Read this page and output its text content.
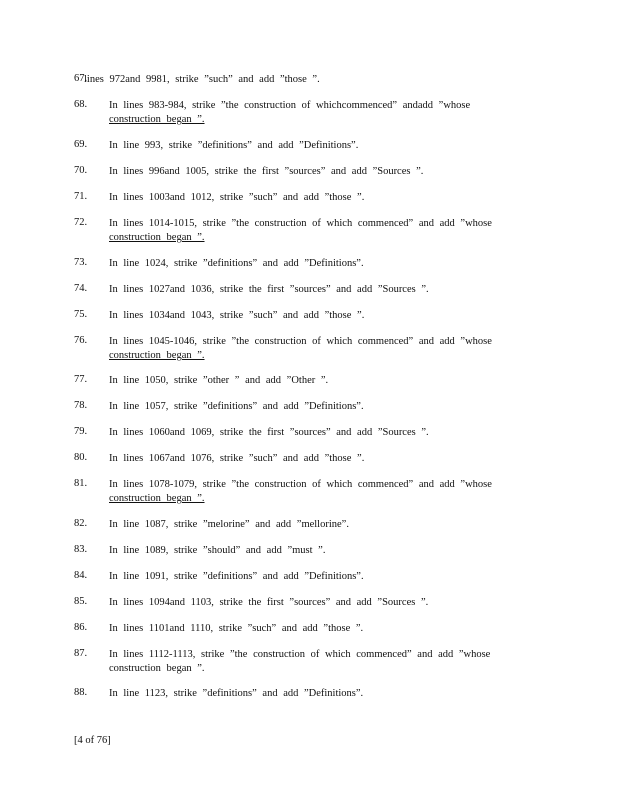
67.
lines 972and 9981, strike ”such” and add ”those ”.
68.	In lines 983-984, strike ”the construction of whichcommenced” andadd ”whose
construction began ”.
69.	In line 993, strike ”definitions” and add ”Definitions”.
70.	In lines 996and 1005, strike the first ”sources” and add ”Sources ”.
71.	In lines 1003and 1012, strike ”such” and add ”those ”.
72.	In lines 1014-1015, strike ”the construction of which commenced” and add ”whose
construction began ”.
73.	In line 1024, strike ”definitions” and add ”Definitions”.
74.	In lines 1027and 1036, strike the first ”sources” and add ”Sources ”.
75.	In lines 1034and 1043, strike ”such” and add ”those ”.
76.	In lines 1045-1046, strike ”the construction of which commenced” and add ”whose
construction began ”.
77.	In line 1050, strike ”other ” and add ”Other ”.
78.	In line 1057, strike ”definitions” and add ”Definitions”.
79.	In lines 1060and 1069, strike the first ”sources” and add ”Sources ”.
80.	In lines 1067and 1076, strike ”such” and add ”those ”.
81.	In lines 1078-1079, strike ”the construction of which commenced” and add ”whose
construction began ”.
82.	In line 1087, strike ”melorine” and add ”mellorine”.
83.	In line 1089, strike ”should” and add ”must ”.
84.	In line 1091, strike ”definitions” and add ”Definitions”.
85.	In lines 1094and 1103, strike the first ”sources” and add ”Sources ”.
86.	In lines 1101and 1110, strike ”such” and add ”those ”.
87.	In lines 1112-1113, strike ”the construction of which commenced” and add ”whose
construction began ”.
88.	In line 1123, strike ”definitions” and add ”Definitions”.
[4 of 76]
